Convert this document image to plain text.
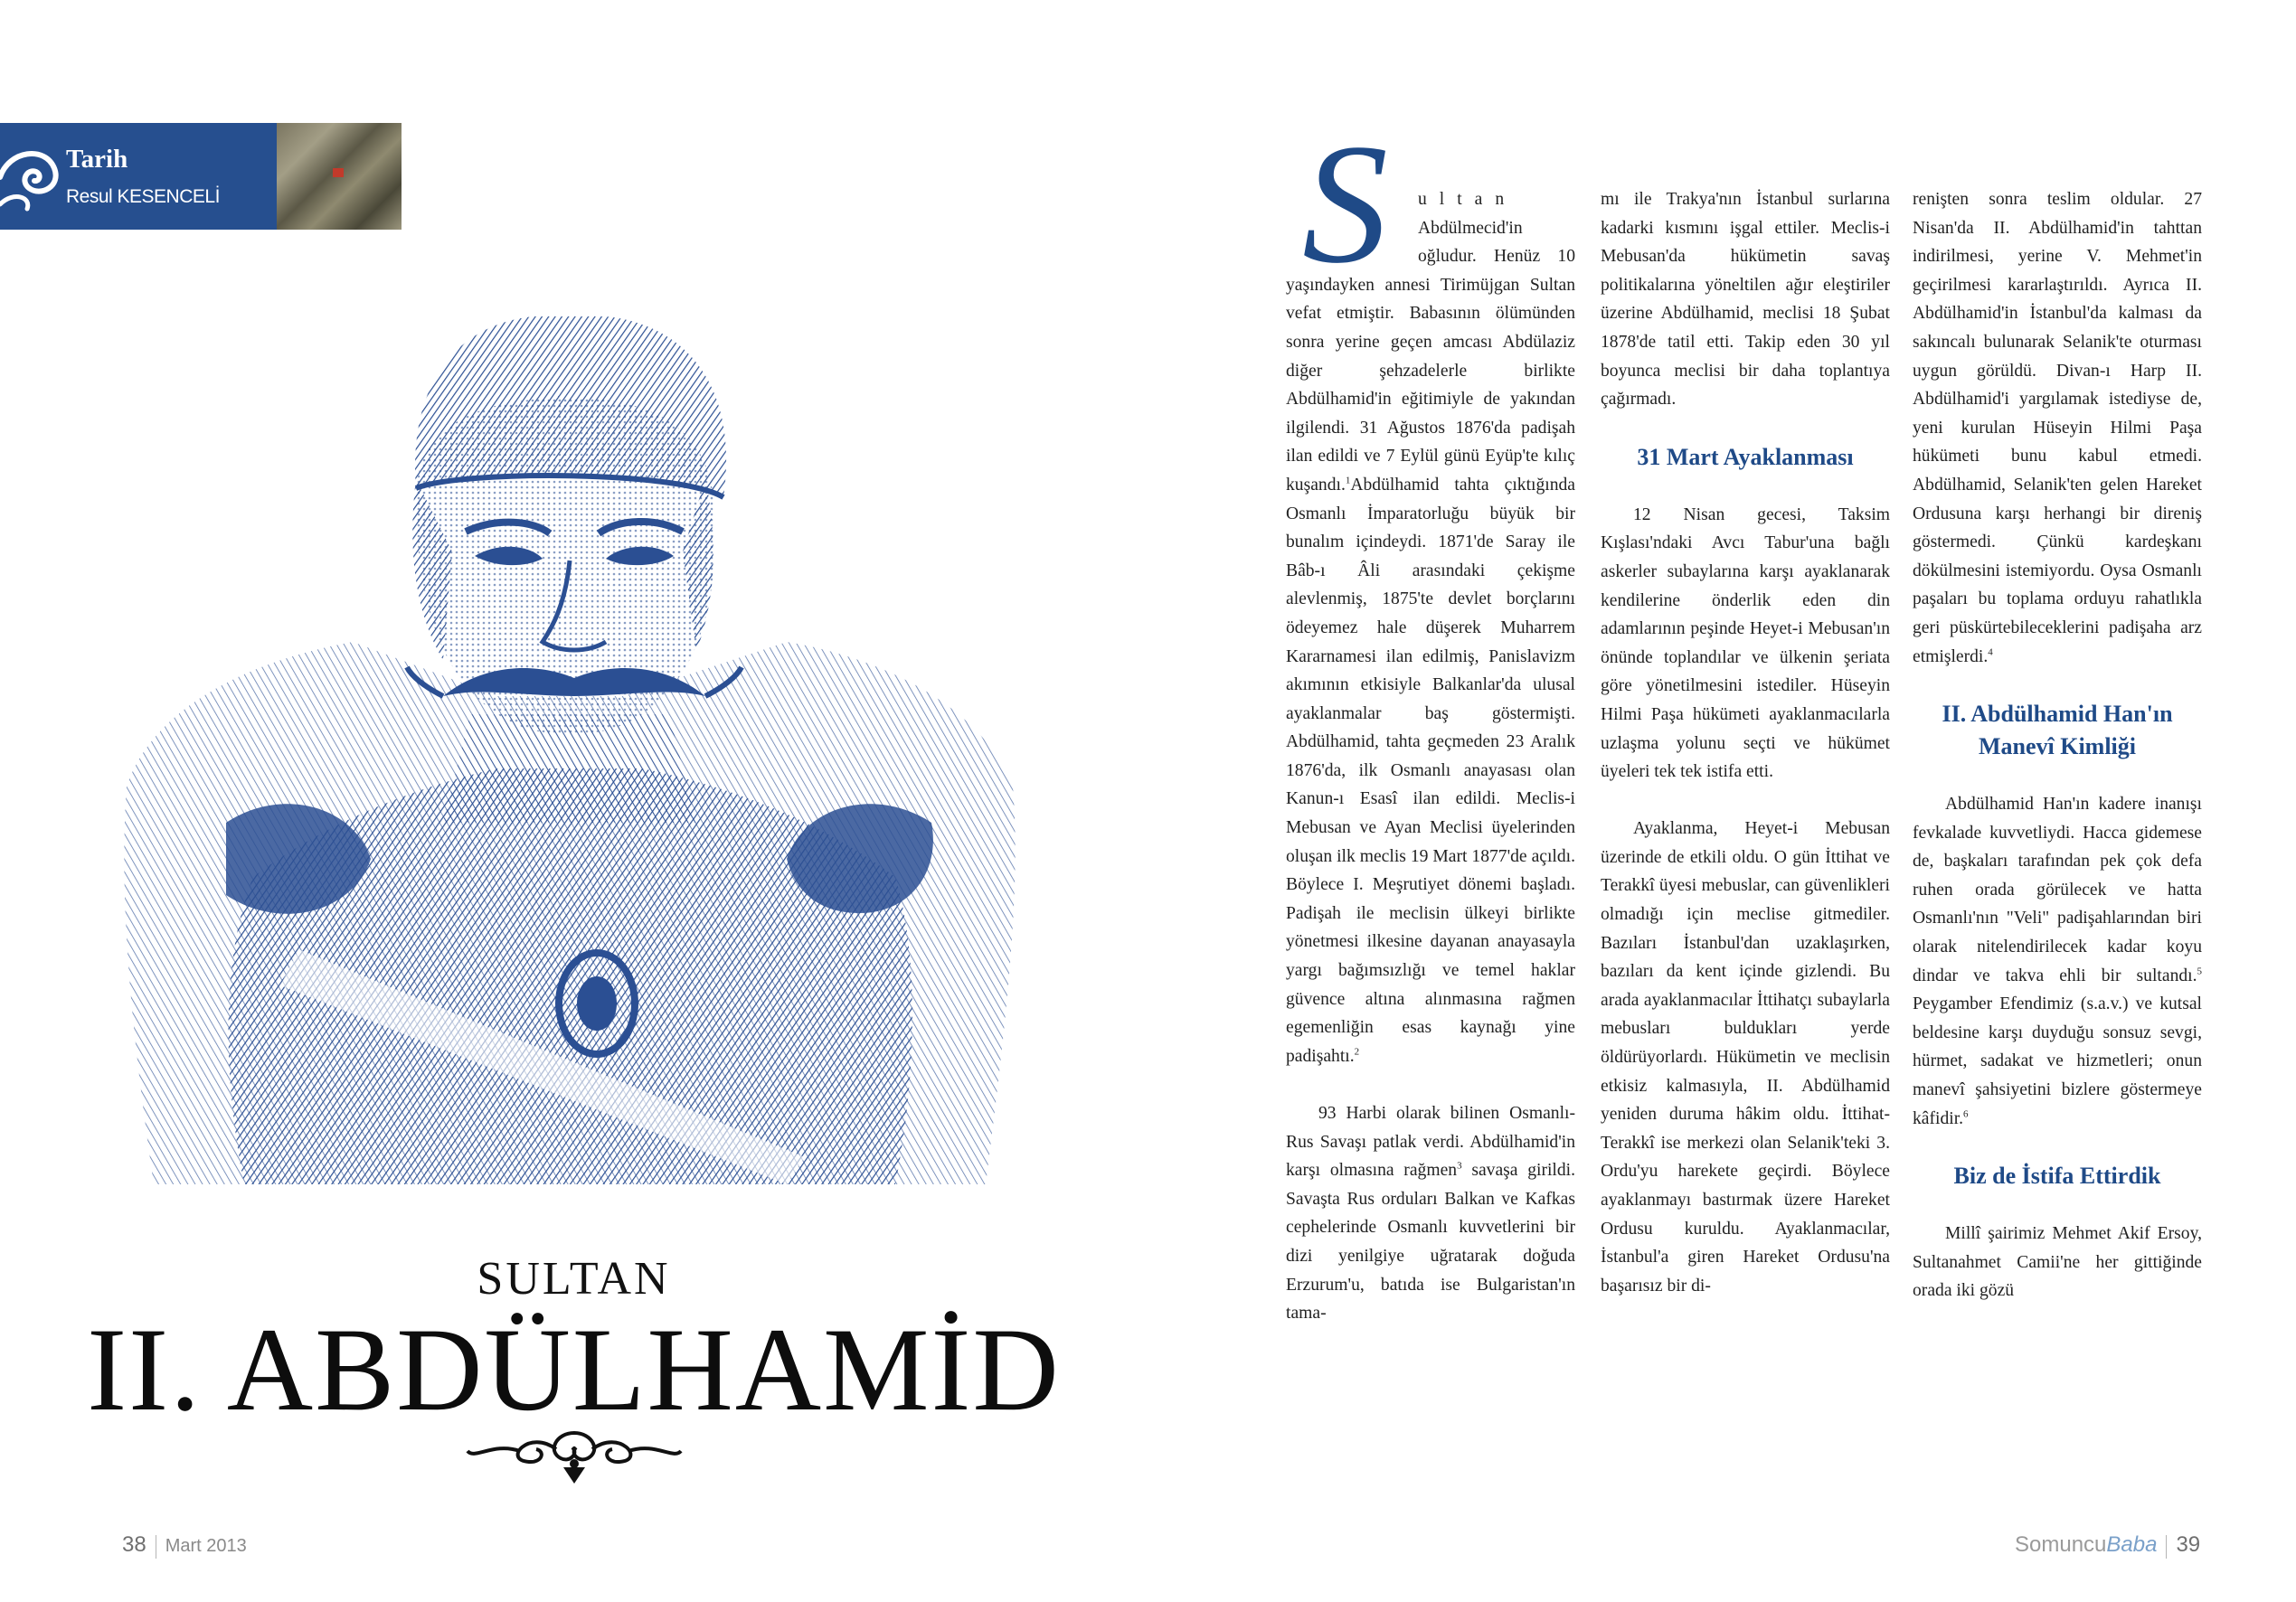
Tarih
Resul KESENCELİ
SULTAN
II. ABDÜLHAMİD
38 Mart 2013

S ultan Abdülmecid'in oğludur. Henüz 10 yaşındayken annesi Tirimüjgan Sultan vefat etmiştir. Babasının ölümünden sonra yerine geçen amcası Abdülaziz diğer şehzadelerle birlikte Abdülhamid'in eğitimiyle de yakından ilgilendi. 31 Ağustos 1876'da padişah ilan edildi ve 7 Eylül günü Eyüp'te kılıç kuşandı.$^1$Abdülhamid tahta çıktığında Osmanlı İmparatorluğu büyük bir bunalım içindeydi. 1871'de Saray ile Bâb-ı Âli arasındaki çekişme alevlenmiş, 1875'te devlet borçlarını ödeyemez hale düşerek Muharrem Kararnamesi ilan edilmiş, Panislavizm akımının etkisiyle Balkanlar'da ulusal ayaklanmalar baş göstermişti. Abdülhamid, tahta geçmeden 23 Aralık 1876'da, ilk Osmanlı anayasası olan Kanun-ı Esasî ilan edildi. Meclis-i Mebusan ve Ayan Meclisi üyelerinden oluşan ilk meclis 19 Mart 1877'de açıldı. Böylece I. Meşrutiyet dönemi başladı. Padişah ile meclisin ülkeyi birlikte yönetmesi ilkesine dayanan anayasayla yargı bağımsızlığı ve temel haklar güvence altına alınmasına rağmen egemenliğin esas kaynağı yine padişahtı.$^2$

93 Harbi olarak bilinen Osmanlı-Rus Savaşı patlak verdi. Abdülhamid'in karşı olmasına rağmen$^3$ savaşa girildi. Savaşta Rus orduları Balkan ve Kafkas cephelerinde Osmanlı kuvvetlerini bir dizi yenilgiye uğratarak doğuda Erzurum'u, batıda ise Bulgaristan'ın tama-

mı ile Trakya'nın İstanbul surlarına kadarki kısmını işgal ettiler. Meclis-i Mebusan'da hükümetin savaş politikalarına yöneltilen ağır eleştiriler üzerine Abdülhamid, meclisi 18 Şubat 1878'de tatil etti. Takip eden 30 yıl boyunca meclisi bir daha toplantıya çağırmadı.

31 Mart Ayaklanması

12 Nisan gecesi, Taksim Kışlası'ndaki Avcı Tabur'una bağlı askerler subaylarına karşı ayaklanarak kendilerine önderlik eden din adamlarının peşinde Heyet-i Mebusan'ın önünde toplandılar ve ülkenin şeriata göre yönetilmesini istediler. Hüseyin Hilmi Paşa hükümeti ayaklanmacılarla uzlaşma yolunu seçti ve hükümet üyeleri tek tek istifa etti.

Ayaklanma, Heyet-i Mebusan üzerinde de etkili oldu. O gün İttihat ve Terakkî üyesi mebuslar, can güvenlikleri olmadığı için meclise gitmediler. Bazıları İstanbul'dan uzaklaşırken, bazıları da kent içinde gizlendi. Bu arada ayaklanmacılar İttihatçı subaylarla mebusları buldukları yerde öldürüyorlardı. Hükümetin ve meclisin etkisiz kalmasıyla, II. Abdülhamid yeniden duruma hâkim oldu. İttihat-Terakkî ise merkezi olan Selanik'teki 3. Ordu'yu harekete geçirdi. Böylece ayaklanmayı bastırmak üzere Hareket Ordusu kuruldu. Ayaklanmacılar, İstanbul'a giren Hareket Ordusu'na başarısız bir di-

renişten sonra teslim oldular. 27 Nisan'da II. Abdülhamid'in tahttan indirilmesi, yerine V. Mehmet'in geçirilmesi kararlaştırıldı. Ayrıca II. Abdülhamid'in İstanbul'da kalması da sakıncalı bulunarak Selanik'te oturması uygun görüldü. Divan-ı Harp II. Abdülhamid'i yargılamak istediyse de, yeni kurulan Hüseyin Hilmi Paşa hükümeti bunu kabul etmedi. Abdülhamid, Selanik'ten gelen Hareket Ordusuna karşı herhangi bir direniş göstermedi. Çünkü kardeşkanı dökülmesini istemiyordu. Oysa Osmanlı paşaları bu toplama orduyu rahatlıkla geri püskürtebileceklerini padişaha arz etmişlerdi.$^4$

II. Abdülhamid Han'ın Manevî Kimliği

Abdülhamid Han'ın kadere inanışı fevkalade kuvvetliydi. Hacca gidemese de, başkaları tarafından pek çok defa ruhen orada görülecek ve hatta Osmanlı'nın "Veli" padişahlarından biri olarak nitelendirilecek kadar koyu dindar ve takva ehli bir sultandı.$^5$ Peygamber Efendimiz (s.a.v.) ve kutsal beldesine karşı duyduğu sonsuz sevgi, hürmet, sadakat ve hizmetleri; onun manevî şahsiyetini bizlere göstermeye kâfidir.$^6$

Biz de İstifa Ettirdik

Millî şairimiz Mehmet Akif Ersoy, Sultanahmet Camii'ne her gittiğinde orada iki gözü

SomuncuBaba 39
